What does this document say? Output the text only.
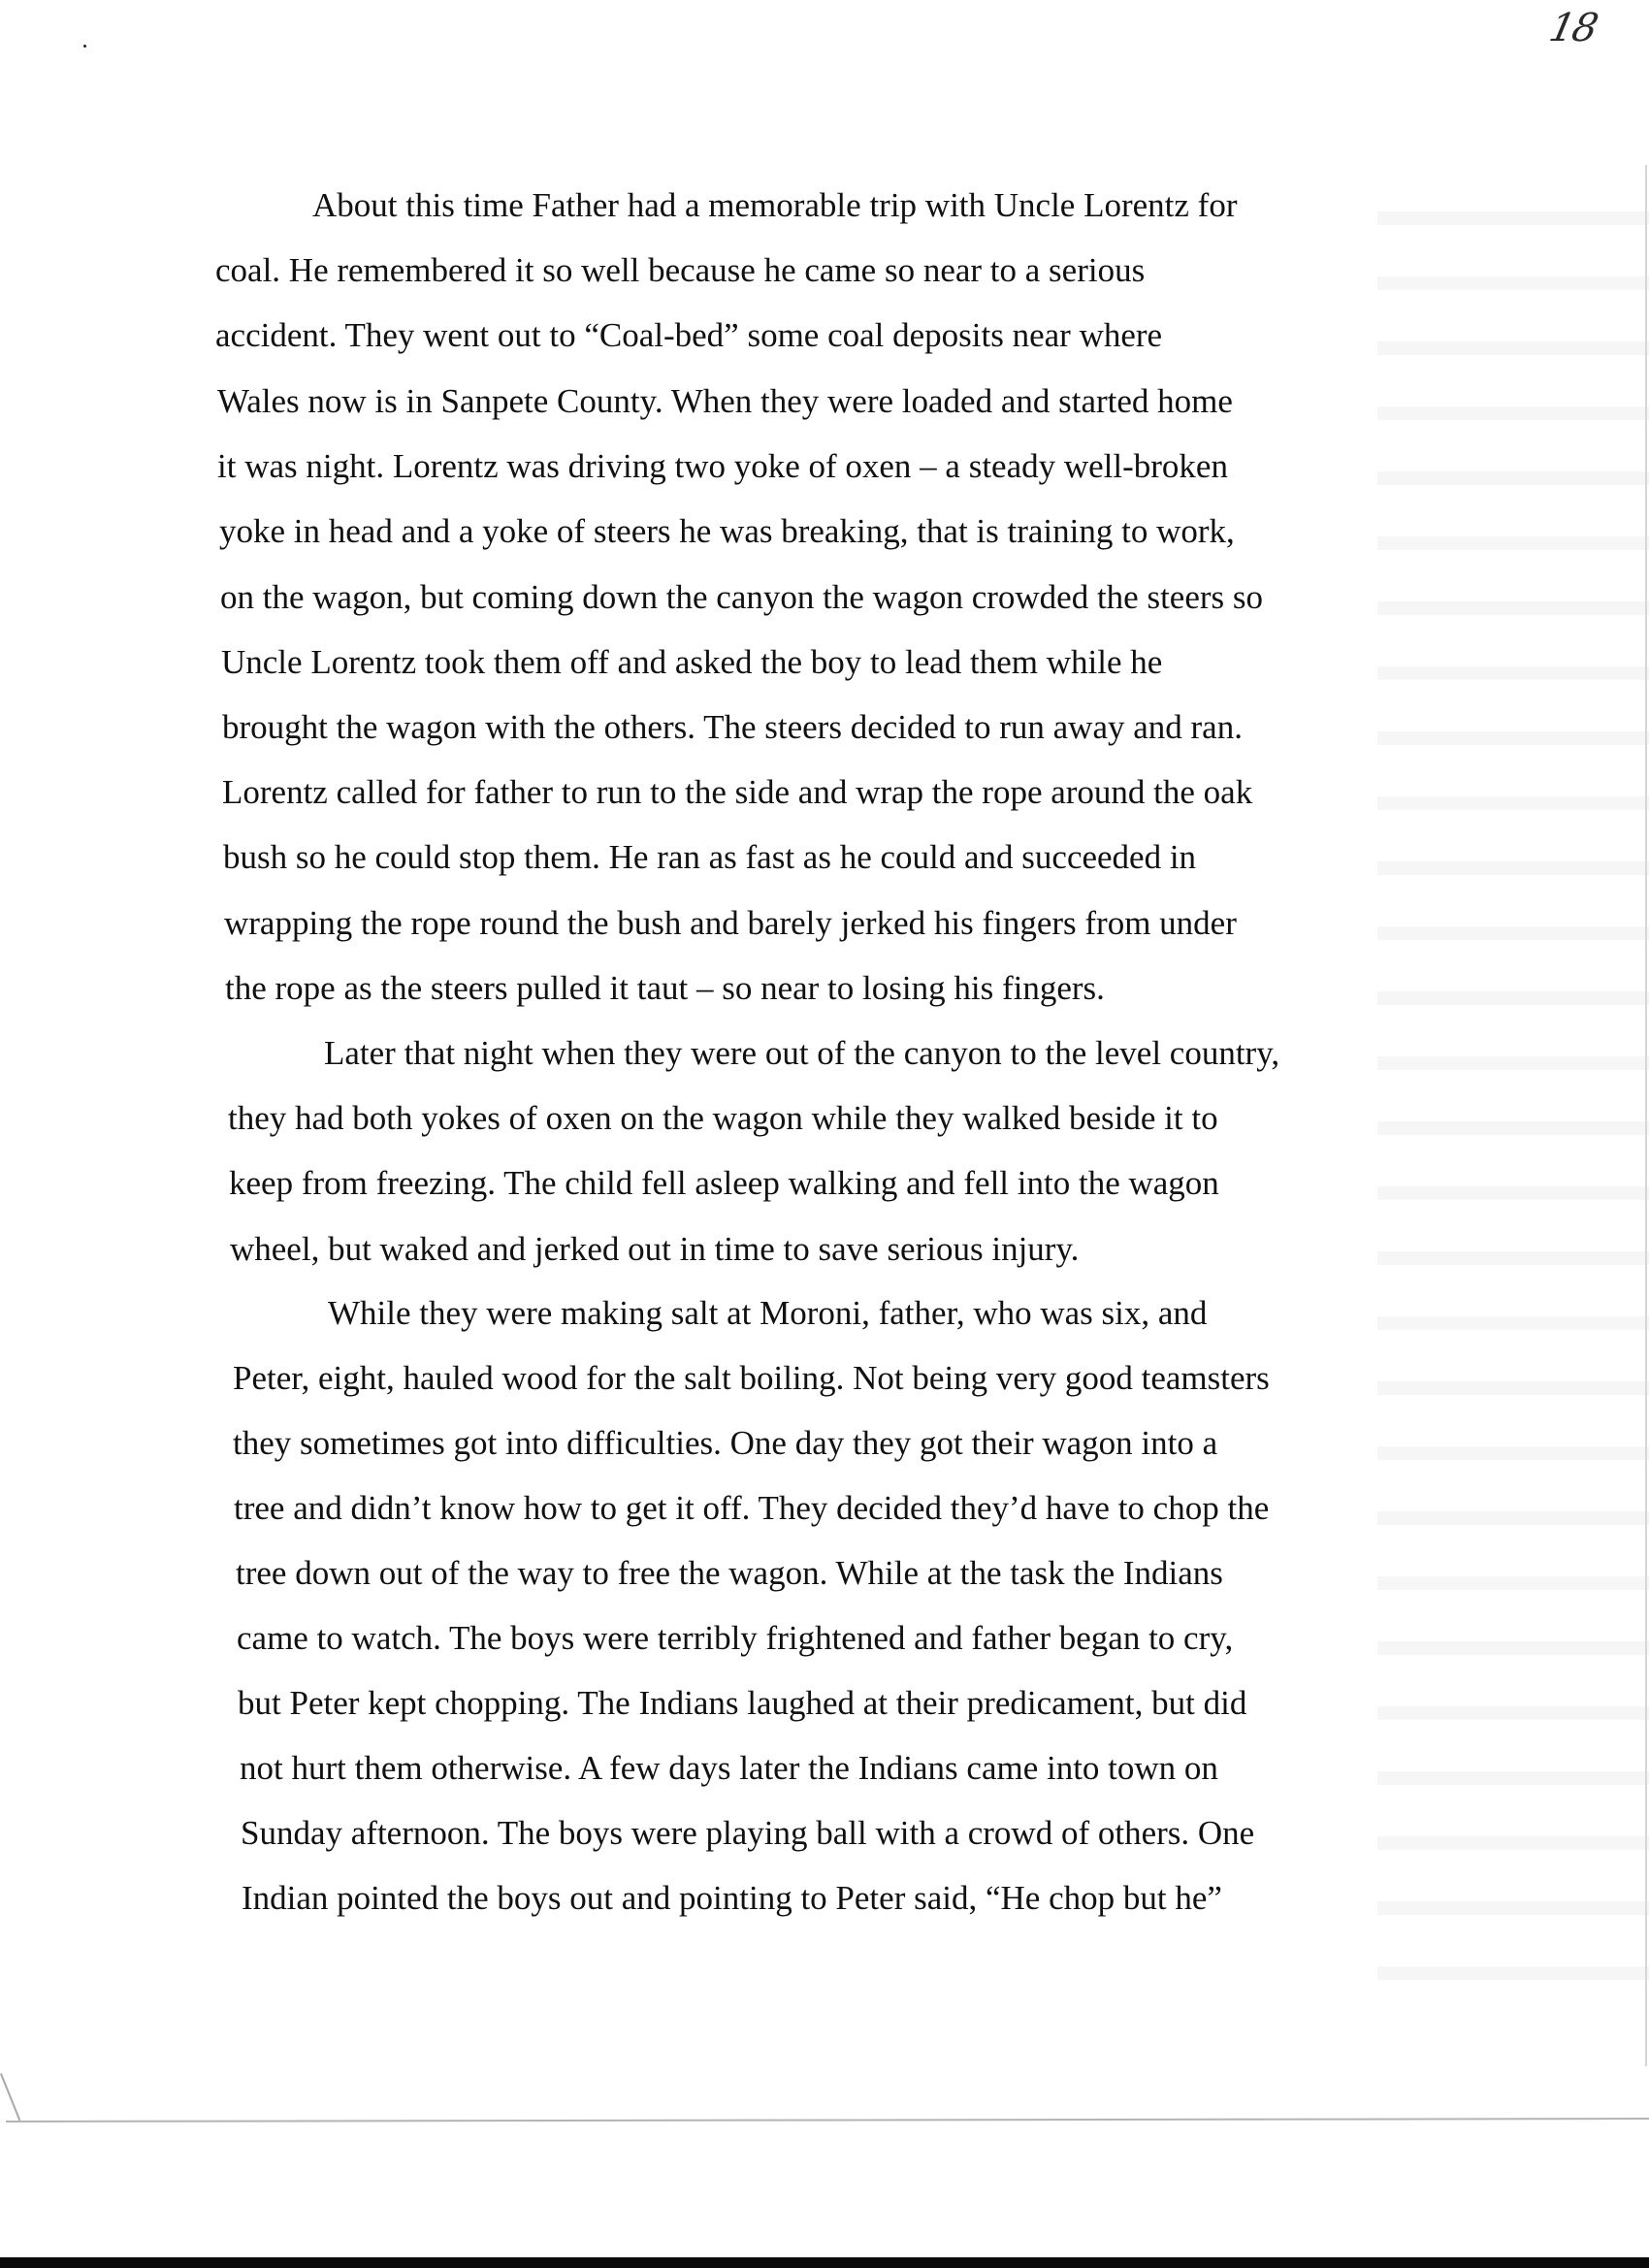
18
About this time Father had a memorable trip with Uncle Lorentz for
coal. He remembered it so well because he came so near to a serious
accident. They went out to “Coal-bed” some coal deposits near where
Wales now is in Sanpete County. When they were loaded and started home
it was night. Lorentz was driving two yoke of oxen – a steady well-broken
yoke in head and a yoke of steers he was breaking, that is training to work,
on the wagon, but coming down the canyon the wagon crowded the steers so
Uncle Lorentz took them off and asked the boy to lead them while he
brought the wagon with the others. The steers decided to run away and ran.
Lorentz called for father to run to the side and wrap the rope around the oak
bush so he could stop them. He ran as fast as he could and succeeded in
wrapping the rope round the bush and barely jerked his fingers from under
the rope as the steers pulled it taut – so near to losing his fingers.
Later that night when they were out of the canyon to the level country,
they had both yokes of oxen on the wagon while they walked beside it to
keep from freezing. The child fell asleep walking and fell into the wagon
wheel, but waked and jerked out in time to save serious injury.
While they were making salt at Moroni, father, who was six, and
Peter, eight, hauled wood for the salt boiling. Not being very good teamsters
they sometimes got into difficulties. One day they got their wagon into a
tree and didn’t know how to get it off. They decided they’d have to chop the
tree down out of the way to free the wagon. While at the task the Indians
came to watch. The boys were terribly frightened and father began to cry,
but Peter kept chopping. The Indians laughed at their predicament, but did
not hurt them otherwise. A few days later the Indians came into town on
Sunday afternoon. The boys were playing ball with a crowd of others. One
Indian pointed the boys out and pointing to Peter said, “He chop but he”
